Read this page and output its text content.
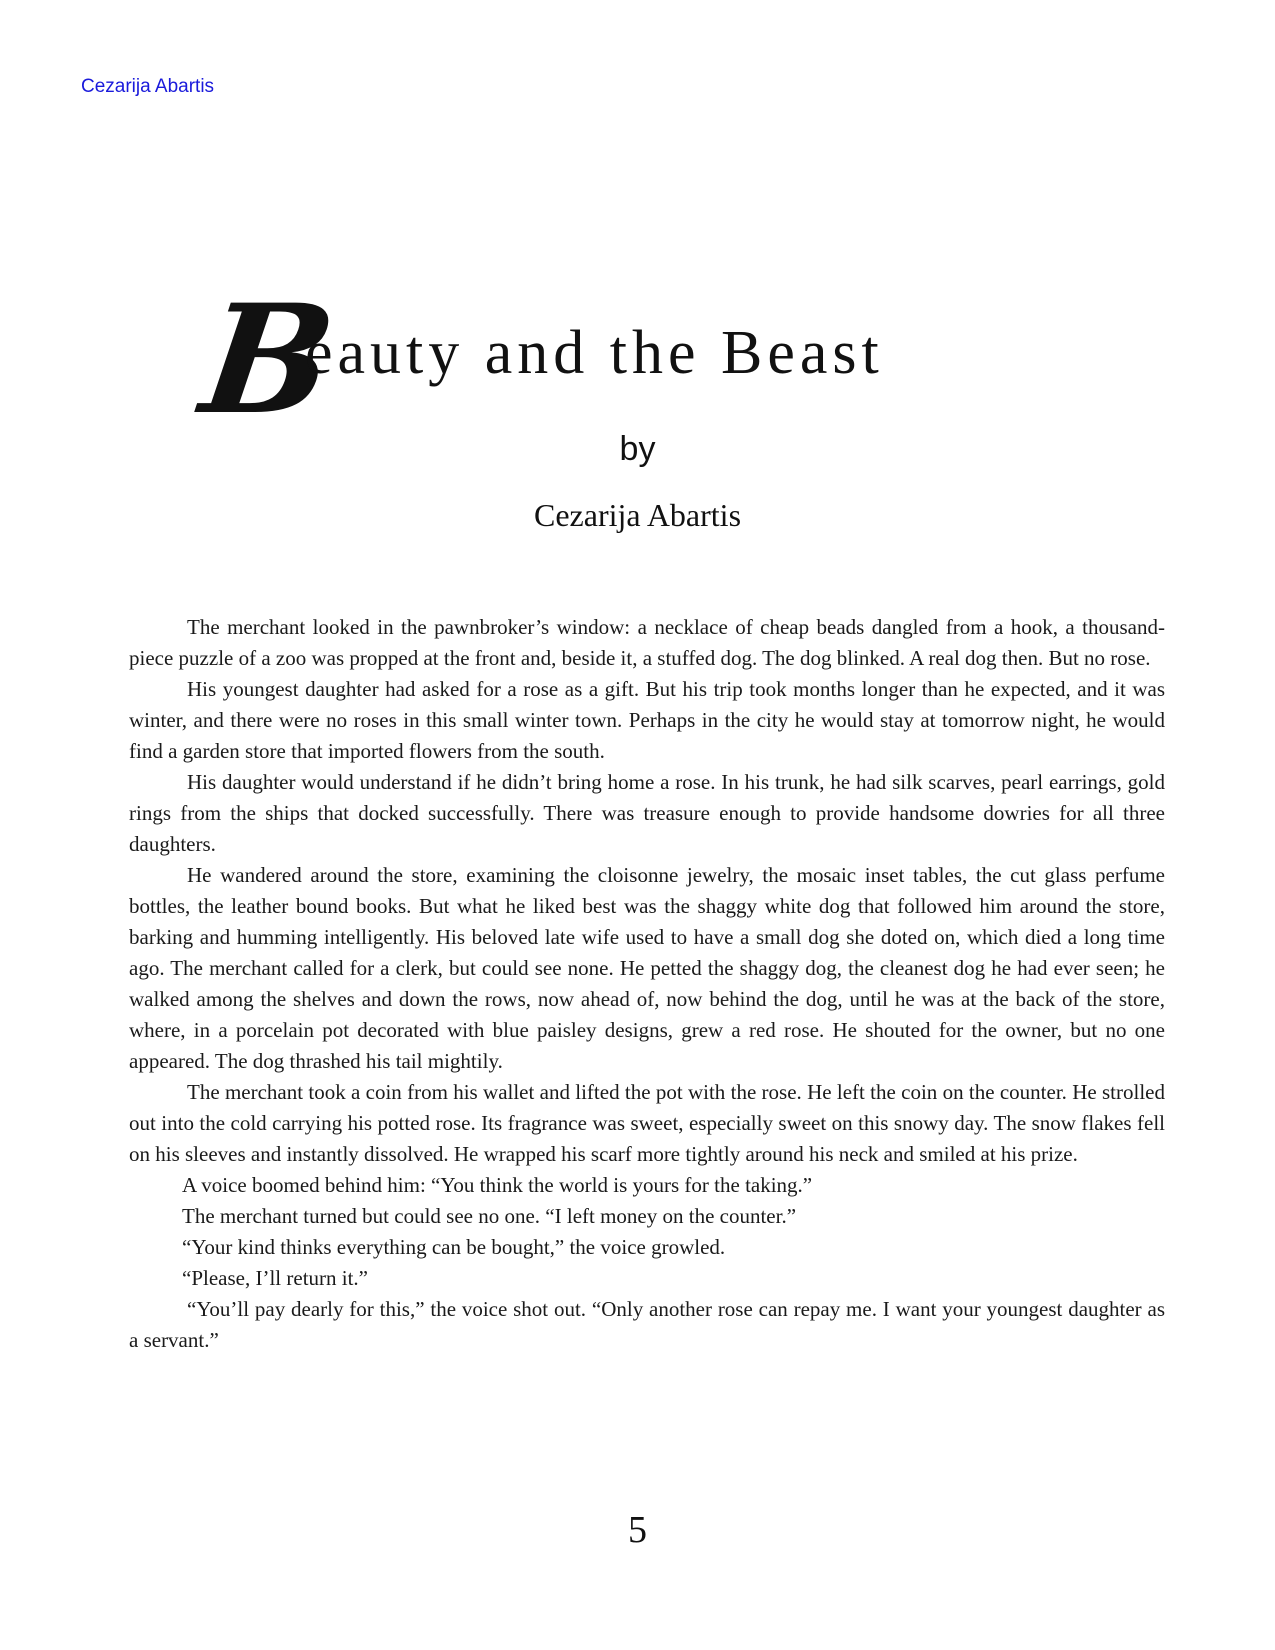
Cezarija Abartis
B
eauty and the Beast
by
Cezarija Abartis

The merchant looked in the pawnbroker’s window: a necklace of cheap beads dangled from a hook, a thousand-piece puzzle of a zoo was propped at the front and, beside it, a stuffed dog. The dog blinked. A real dog then. But no rose.

His youngest daughter had asked for a rose as a gift. But his trip took months longer than he expected, and it was winter, and there were no roses in this small winter town. Perhaps in the city he would stay at tomorrow night, he would find a garden store that imported flowers from the south.

His daughter would understand if he didn’t bring home a rose. In his trunk, he had silk scarves, pearl earrings, gold rings from the ships that docked successfully. There was treasure enough to provide handsome dowries for all three daughters.

He wandered around the store, examining the cloisonne jewelry, the mosaic inset tables, the cut glass perfume bottles, the leather bound books. But what he liked best was the shaggy white dog that followed him around the store, barking and humming intelligently. His beloved late wife used to have a small dog she doted on, which died a long time ago. The merchant called for a clerk, but could see none. He petted the shaggy dog, the cleanest dog he had ever seen; he walked among the shelves and down the rows, now ahead of, now behind the dog, until he was at the back of the store, where, in a porcelain pot decorated with blue paisley designs, grew a red rose. He shouted for the owner, but no one appeared. The dog thrashed his tail mightily.

The merchant took a coin from his wallet and lifted the pot with the rose. He left the coin on the counter. He strolled out into the cold carrying his potted rose. Its fragrance was sweet, especially sweet on this snowy day. The snow flakes fell on his sleeves and instantly dissolved. He wrapped his scarf more tightly around his neck and smiled at his prize.

A voice boomed behind him: “You think the world is yours for the taking.”

The merchant turned but could see no one. “I left money on the counter.”

“Your kind thinks everything can be bought,” the voice growled.

“Please, I’ll return it.”

“You’ll pay dearly for this,” the voice shot out. “Only another rose can repay me. I want your youngest daughter as a servant.”

5
